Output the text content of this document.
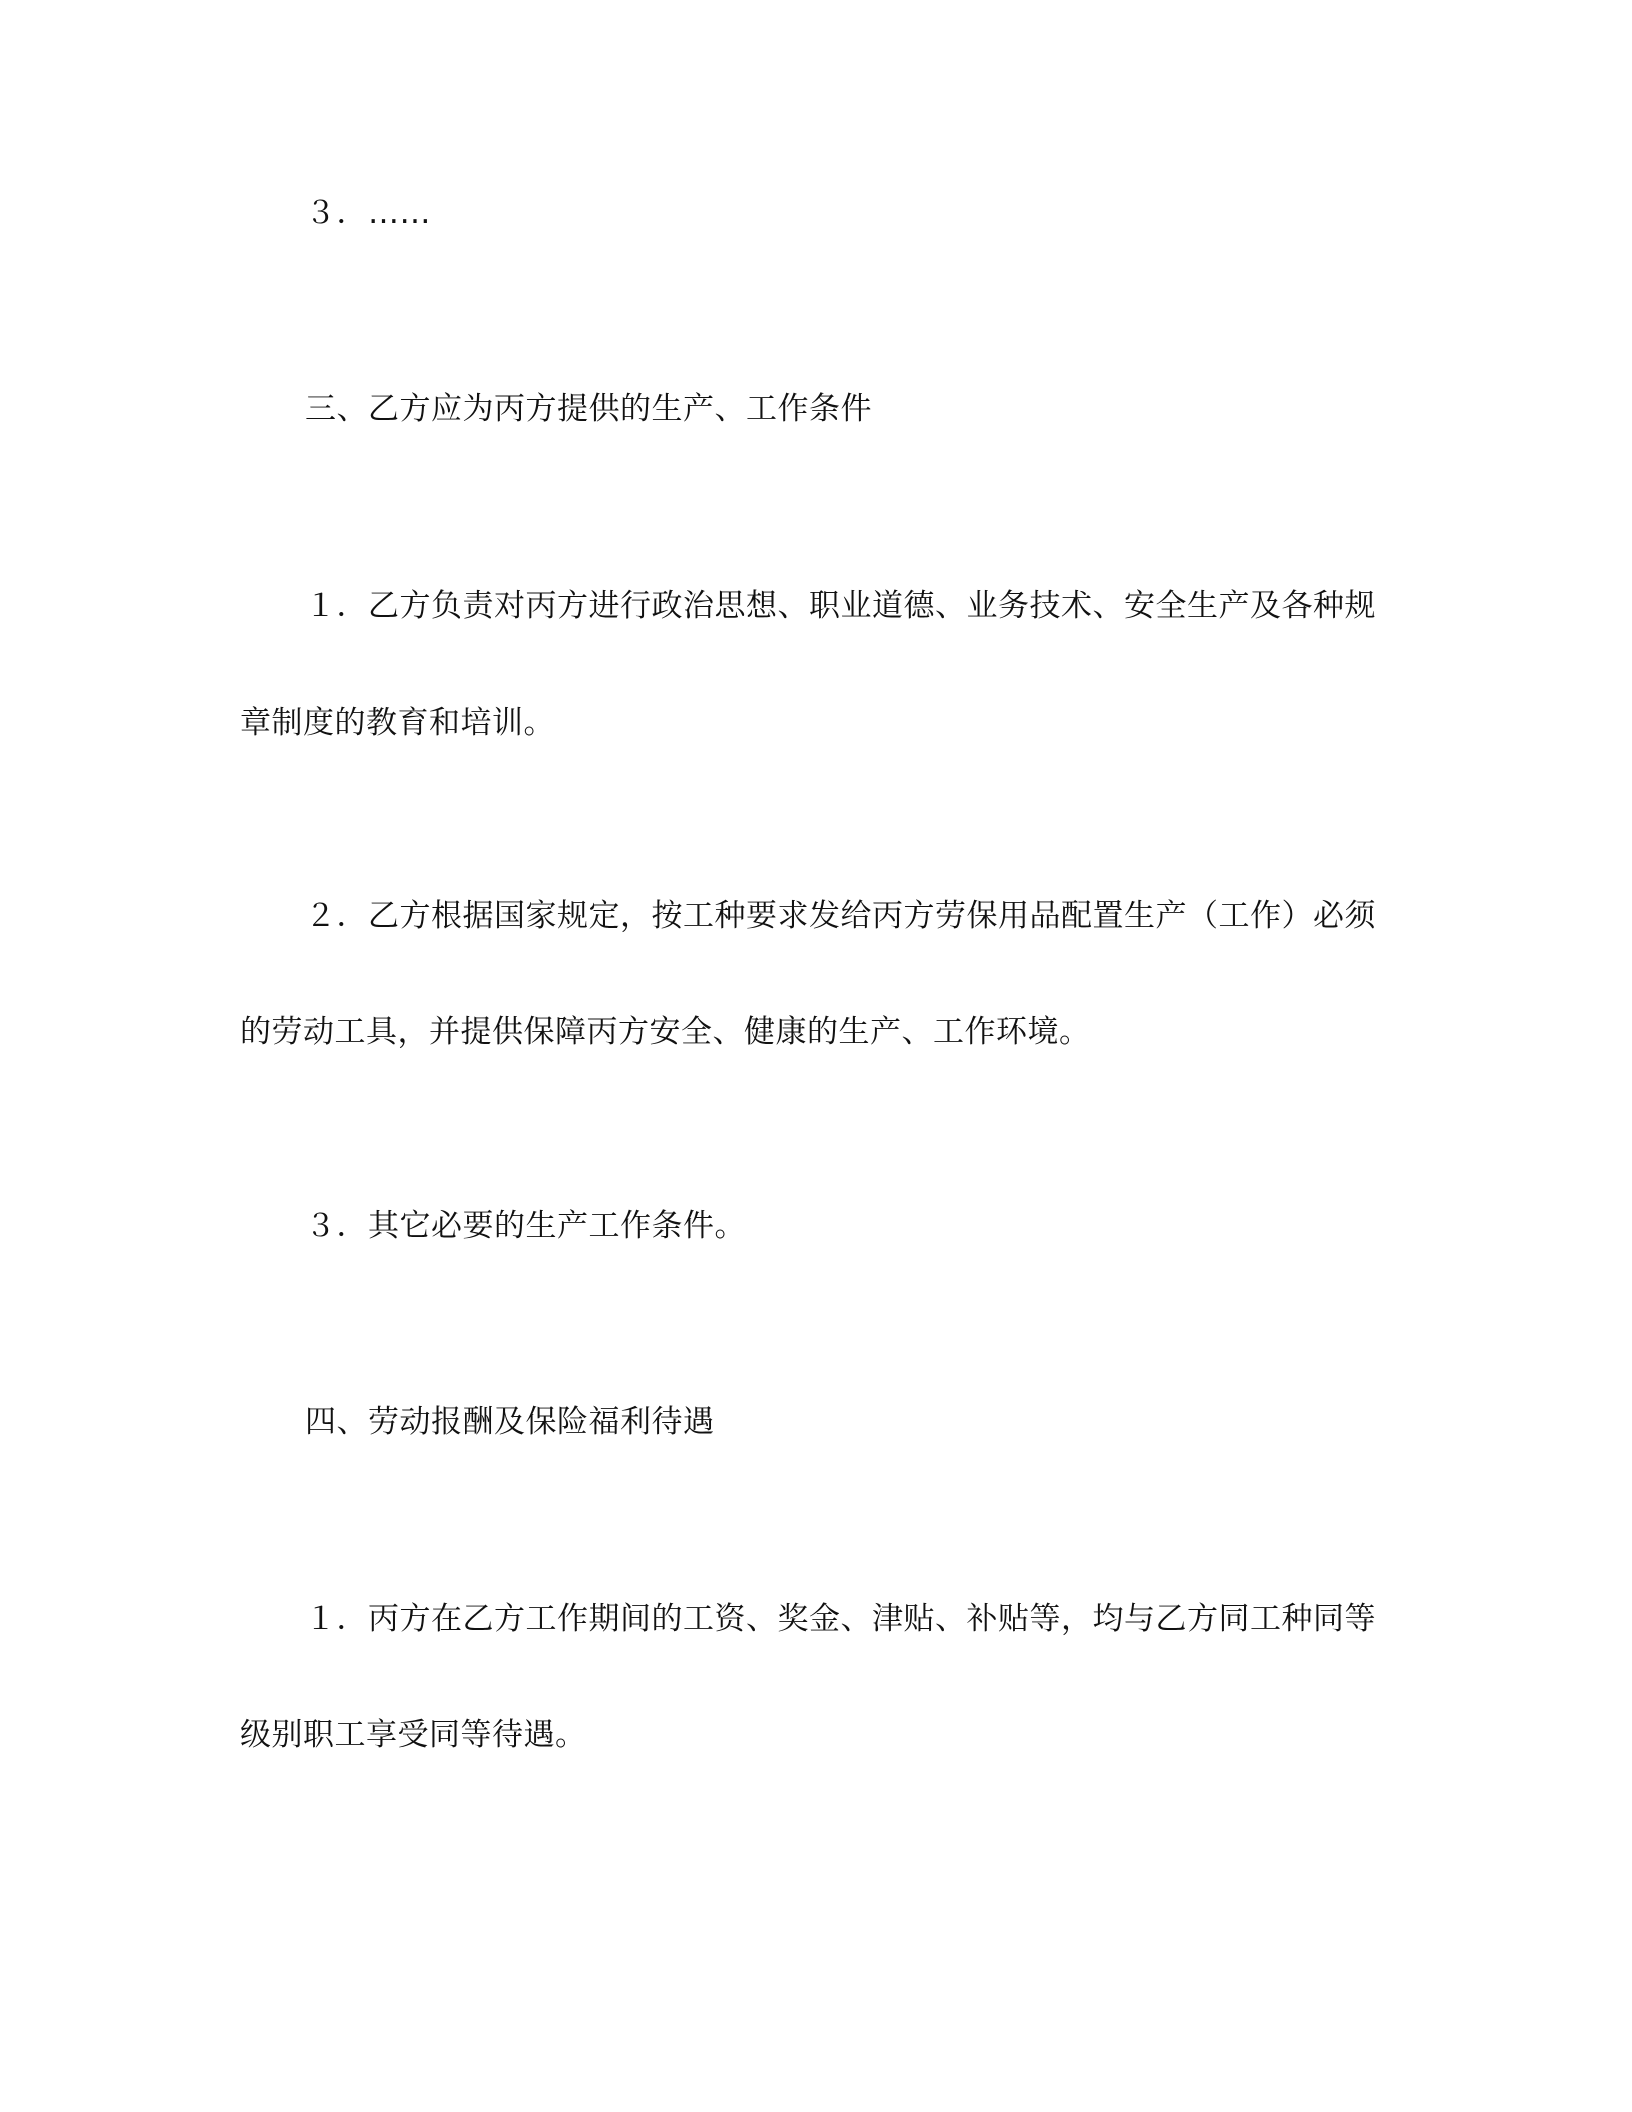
３．……
三、乙方应为丙方提供的生产、工作条件
１．乙方负责对丙方进行政治思想、职业道德、业务技术、安全生产及各种规
章制度的教育和培训。
２．乙方根据国家规定，按工种要求发给丙方劳保用品配置生产（工作）必须
的劳动工具，并提供保障丙方安全、健康的生产、工作环境。
３．其它必要的生产工作条件。
四、劳动报酬及保险福利待遇
１．丙方在乙方工作期间的工资、奖金、津贴、补贴等，均与乙方同工种同等
级别职工享受同等待遇。
